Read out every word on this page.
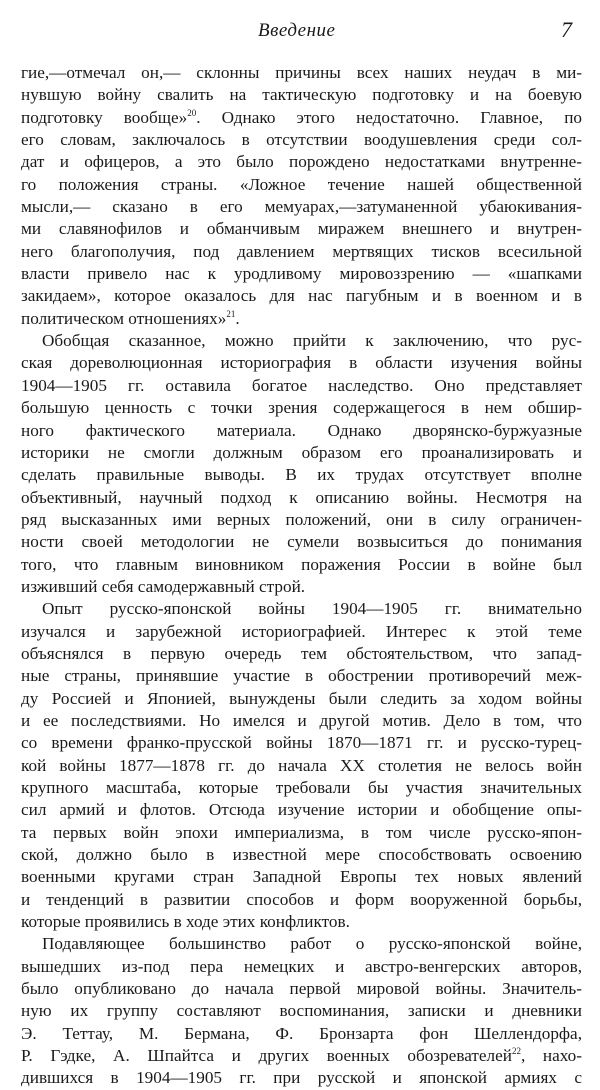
Введение	7
гие,—отмечал он,— склонны причины всех наших неудач в ми-
нувшую войну свалить на тактическую подготовку и на боевую
подготовку вообще»$^{20}$. Однако этого недостаточно. Главное, по
его словам, заключалось в отсутствии воодушевления среди сол-
дат и офицеров, а это было порождено недостатками внутренне-
го положения страны. «Ложное течение нашей общественной
мысли,— сказано в его мемуарах,—затуманенной убаюкивания-
ми славянофилов и обманчивым миражем внешнего и внутрен-
него благополучия, под давлением мертвящих тисков всесильной
власти привело нас к уродливому мировоззрению — «шапками
закидаем», которое оказалось для нас пагубным и в военном и в
политическом отношениях»$^{21}$.
Обобщая сказанное, можно прийти к заключению, что рус-
ская дореволюционная историография в области изучения войны
1904—1905 гг. оставила богатое наследство. Оно представляет
большую ценность с точки зрения содержащегося в нем обшир-
ного фактического материала. Однако дворянско-буржуазные
историки не смогли должным образом его проанализировать и
сделать правильные выводы. В их трудах отсутствует вполне
объективный, научный подход к описанию войны. Несмотря на
ряд высказанных ими верных положений, они в силу ограничен-
ности своей методологии не сумели возвыситься до понимания
того, что главным виновником поражения России в войне был
изживший себя самодержавный строй.
Опыт русско-японской войны 1904—1905 гг. внимательно
изучался и зарубежной историографией. Интерес к этой теме
объяснялся в первую очередь тем обстоятельством, что запад-
ные страны, принявшие участие в обострении противоречий меж-
ду Россией и Японией, вынуждены были следить за ходом войны
и ее последствиями. Но имелся и другой мотив. Дело в том, что
со времени франко-прусской войны 1870—1871 гг. и русско-турец-
кой войны 1877—1878 гг. до начала XX столетия не велось войн
крупного масштаба, которые требовали бы участия значительных
сил армий и флотов. Отсюда изучение истории и обобщение опы-
та первых войн эпохи империализма, в том числе русско-япон-
ской, должно было в известной мере способствовать освоению
военными кругами стран Западной Европы тех новых явлений
и тенденций в развитии способов и форм вооруженной борьбы,
которые проявились в ходе этих конфликтов.
Подавляющее большинство работ о русско-японской войне,
вышедших из-под пера немецких и австро-венгерских авторов,
было опубликовано до начала первой мировой войны. Значитель-
ную их группу составляют воспоминания, записки и дневники
Э. Теттау, М. Бермана, Ф. Бронзарта фон Шеллендорфа,
Р. Гэдке, А. Шпайтса и других военных обозревателей$^{22}$, нахо-
дившихся в 1904—1905 гг. при русской и японской армиях с
